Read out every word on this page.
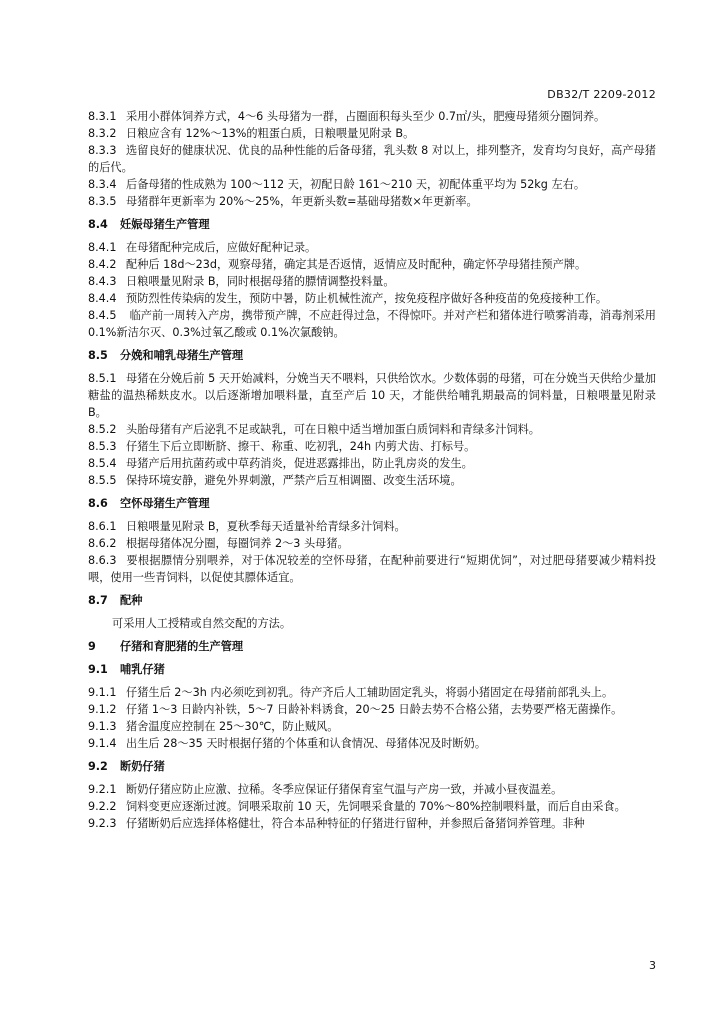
DB32/T 2209-2012
8.3.1 采用小群体饲养方式，4～6 头母猪为一群，占圈面积每头至少 0.7㎡/头，肥瘦母猪须分圈饲养。
8.3.2 日粮应含有 12%～13%的粗蛋白质，日粮喂量见附录 B。
8.3.3 选留良好的健康状况、优良的品种性能的后备母猪，乳头数 8 对以上，排列整齐，发育均匀良好，高产母猪的后代。
8.3.4 后备母猪的性成熟为 100～112 天，初配日龄 161～210 天，初配体重平均为 52kg 左右。
8.3.5 母猪群年更新率为 20%～25%，年更新头数=基础母猪数×年更新率。
8.4 妊娠母猪生产管理
8.4.1 在母猪配种完成后，应做好配种记录。
8.4.2 配种后 18d～23d，观察母猪，确定其是否返情，返情应及时配种，确定怀孕母猪挂预产牌。
8.4.3 日粮喂量见附录 B，同时根据母猪的膘情调整投料量。
8.4.4 预防烈性传染病的发生，预防中暑，防止机械性流产，按免疫程序做好各种疫苗的免疫接种工作。
8.4.5 临产前一周转入产房，携带预产牌，不应赶得过急，不得惊吓。并对产栏和猪体进行喷雾消毒，消毒剂采用 0.1%新洁尔灭、0.3%过氧乙酸或 0.1%次氯酸钠。
8.5 分娩和哺乳母猪生产管理
8.5.1 母猪在分娩后前 5 天开始减料，分娩当天不喂料，只供给饮水。少数体弱的母猪，可在分娩当天供给少量加糖盐的温热稀麸皮水。以后逐渐增加喂料量，直至产后 10 天，才能供给哺乳期最高的饲料量，日粮喂量见附录 B。
8.5.2 头胎母猪有产后泌乳不足或缺乳，可在日粮中适当增加蛋白质饲料和青绿多汁饲料。
8.5.3 仔猪生下后立即断脐、擦干、称重、吃初乳，24h 内剪犬齿、打标号。
8.5.4 母猪产后用抗菌药或中草药消炎，促进恶露排出，防止乳房炎的发生。
8.5.5 保持环境安静，避免外界刺激，严禁产后互相调圈、改变生活环境。
8.6 空怀母猪生产管理
8.6.1 日粮喂量见附录 B，夏秋季每天适量补给青绿多汁饲料。
8.6.2 根据母猪体况分圈，每圈饲养 2～3 头母猪。
8.6.3 要根据膘情分别喂养，对于体况较差的空怀母猪，在配种前要进行“短期优饲”，对过肥母猪要减少精料投喂，使用一些青饲料，以促使其膘体适宜。
8.7 配种
可采用人工授精或自然交配的方法。
9 仔猪和育肥猪的生产管理
9.1 哺乳仔猪
9.1.1 仔猪生后 2～3h 内必须吃到初乳。待产齐后人工辅助固定乳头，将弱小猪固定在母猪前部乳头上。
9.1.2 仔猪 1～3 日龄内补铁，5～7 日龄补料诱食，20～25 日龄去势不合格公猪，去势要严格无菌操作。
9.1.3 猪舍温度应控制在 25～30℃，防止贼风。
9.1.4 出生后 28～35 天时根据仔猪的个体重和认食情况、母猪体况及时断奶。
9.2 断奶仔猪
9.2.1 断奶仔猪应防止应激、拉稀。冬季应保证仔猪保育室气温与产房一致，并减小昼夜温差。
9.2.2 饲料变更应逐渐过渡。饲喂采取前 10 天，先饲喂采食量的 70%～80%控制喂料量，而后自由采食。
9.2.3 仔猪断奶后应选择体格健壮，符合本品种特征的仔猪进行留种，并参照后备猪饲养管理。非种
3
